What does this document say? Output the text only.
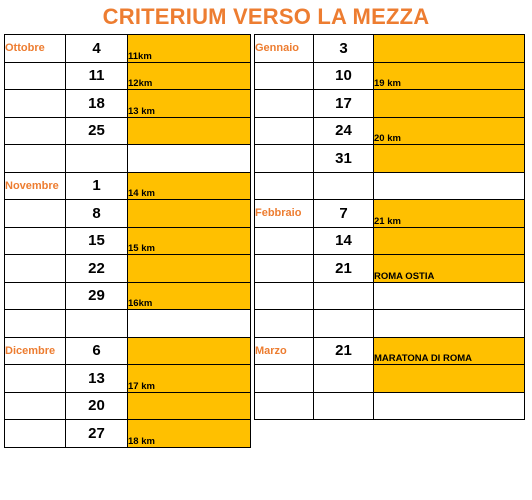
CRITERIUM VERSO LA MEZZA
Ottobre	4	11km
	11	12km
	18	13 km
	25	

Novembre	1	14 km
	8	
	15	15 km
	22	
	29	16km

Dicembre	6	
	13	17 km
	20	
	27	18 km
Gennaio	3	
	10	19 km
	17	
	24	20 km
	31	

Febbraio	7	21 km
	14	
	21	ROMA OSTIA

Marzo	21	MARATONA DI ROMA
